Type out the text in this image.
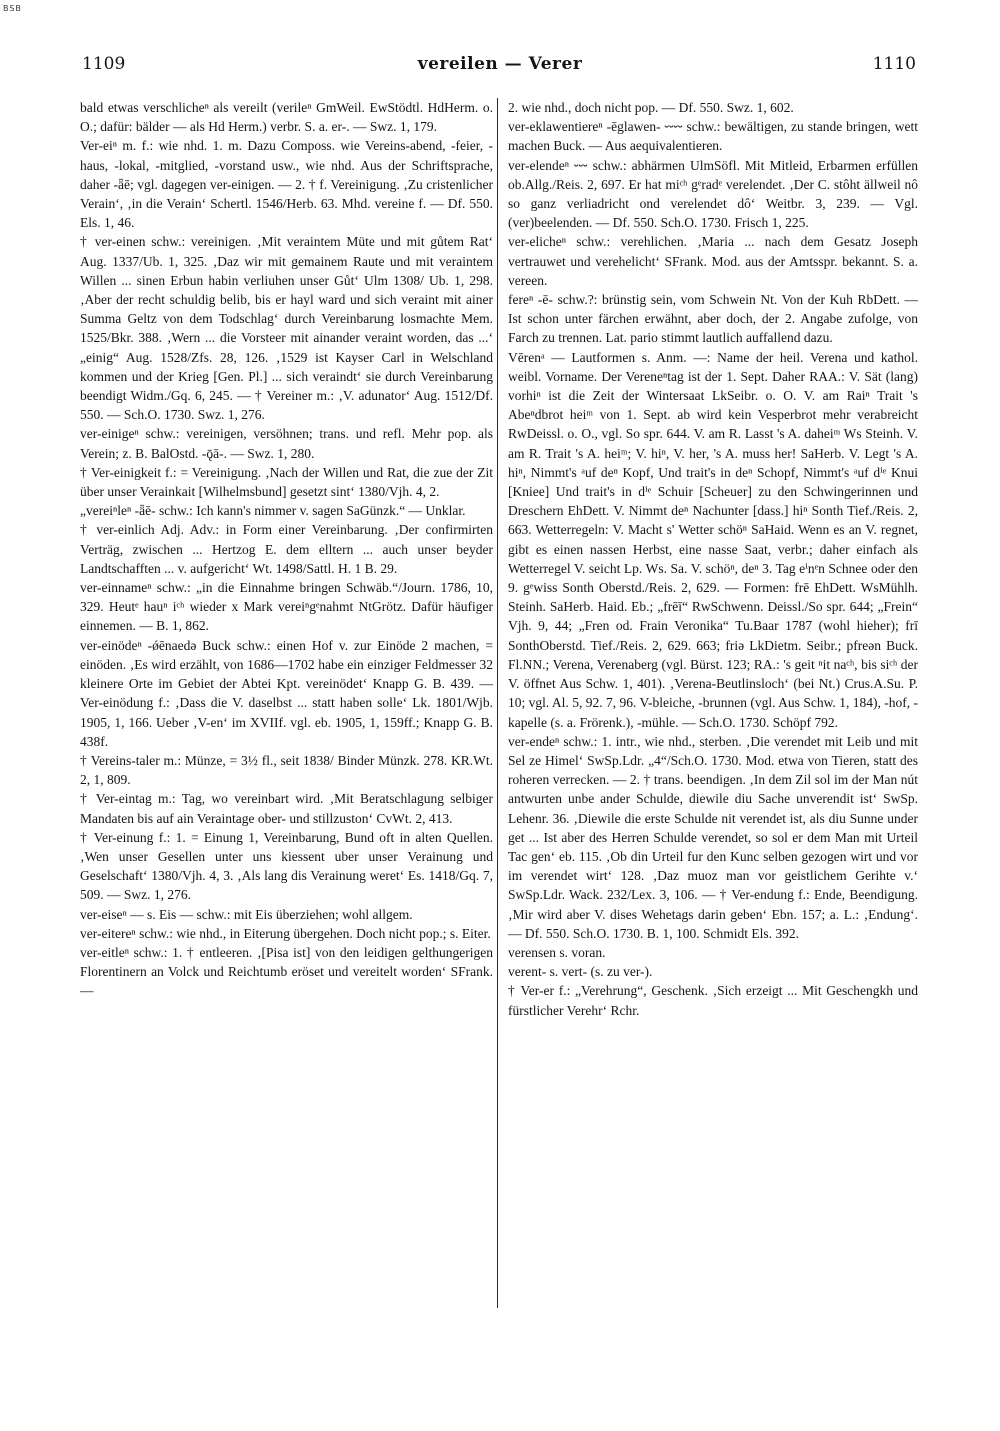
BSB
1109	vereilen — Verer	1110

bald etwas verschlicheⁿ als vereilt (verileⁿ GmWeil. EwStödtl. HdHerm. o. O.; dafür: bälder — als Hd Herm.) verbr. S. a. er-. — Swz. 1, 179.

Ver-eiⁿ m. f.: wie nhd. 1. m. Dazu Composs. wie Vereins-abend, -feier, -haus, -lokal, -mitglied, -vorstand usw., wie nhd. Aus der Schriftsprache, daher -ǟē; vgl. dagegen ver-einigen. — 2. † f. Vereinigung. ‚Zu cristenlicher Verain‘, ‚in die Verain‘ Schertl. 1546/Herb. 63. Mhd. vereine f. — Df. 550. Els. 1, 46.

† ver-einen schw.: vereinigen. ‚Mit veraintem Müte und mit gůtem Rat‘ Aug. 1337/Ub. 1, 325. ‚Daz wir mit gemainem Raute und mit veraintem Willen ... sinen Erbun habin verliuhen unser Gůt‘ Ulm 1308/ Ub. 1, 298. ‚Aber der recht schuldig belib, bis er hayl ward und sich veraint mit ainer Summa Geltz von dem Todschlag‘ durch Vereinbarung losmachte Mem. 1525/Bkr. 388. ‚Wern ... die Vorsteer mit ainander veraint worden, das ...‘ „einig“ Aug. 1528/Zfs. 28, 126. ‚1529 ist Kayser Carl in Welschland kommen und der Krieg [Gen. Pl.] ... sich veraindt‘ sie durch Vereinbarung beendigt Widm./Gq. 6, 245. — † Vereiner m.: ‚V. adunator‘ Aug. 1512/Df. 550. — Sch.O. 1730. Swz. 1, 276.

ver-einigeⁿ schw.: vereinigen, versöhnen; trans. und refl. Mehr pop. als Verein; z. B. BalOstd. -ǭā-. — Swz. 1, 280.

† Ver-einigkeit f.: = Vereinigung. ‚Nach der Willen und Rat, die zue der Zit über unser Verainkait [Wilhelmsbund] gesetzt sint‘ 1380/Vjh. 4, 2.

„vereiⁿleⁿ -ǟē- schw.: Ich kann's nimmer v. sagen SaGünzk.“ — Unklar.

† ver-einlich Adj. Adv.: in Form einer Vereinbarung. ‚Der confirmirten Verträg, zwischen ... Hertzog E. dem elltern ... auch unser beyder Landtschafften ... v. aufgericht‘ Wt. 1498/Sattl. H. 1 B. 29.

ver-einnameⁿ schw.: „in die Einnahme bringen Schwäb.“/Journ. 1786, 10, 329. Heutᵉ hauⁿ iᶜʰ wieder x Mark vereiⁿgᵉnahmt NtGrötz. Dafür häufiger einnemen. — B. 1, 862.

ver-einödeⁿ -ǿēnaedə Buck schw.: einen Hof v. zur Einöde 2 machen, = einöden. ‚Es wird erzählt, von 1686—1702 habe ein einziger Feldmesser 32 kleinere Orte im Gebiet der Abtei Kpt. vereinödet‘ Knapp G. B. 439. — Ver-einödung f.: ‚Dass die V. daselbst ... statt haben solle‘ Lk. 1801/Wjb. 1905, 1, 166. Ueber ‚V-en‘ im XVIIf. vgl. eb. 1905, 1, 159ff.; Knapp G. B. 438f.

† Vereins-taler m.: Münze, = 3½ fl., seit 1838/ Binder Münzk. 278. KR.Wt. 2, 1, 809.

† Ver-eintag m.: Tag, wo vereinbart wird. ‚Mit Beratschlagung selbiger Mandaten bis auf ain Veraintage ober- und stillzuston‘ CvWt. 2, 413.

† Ver-einung f.: 1. = Einung 1, Vereinbarung, Bund oft in alten Quellen. ‚Wen unser Gesellen unter uns kiessent uber unser Verainung und Geselschaft‘ 1380/Vjh. 4, 3. ‚Als lang dis Verainung weret‘ Es. 1418/Gq. 7, 509. — Swz. 1, 276.

ver-eiseⁿ — s. Eis — schw.: mit Eis überziehen; wohl allgem.

ver-eitereⁿ schw.: wie nhd., in Eiterung übergehen. Doch nicht pop.; s. Eiter.

ver-eitleⁿ schw.: 1. † entleeren. ‚[Pisa ist] von den leidigen gelthungerigen Florentinern an Volck und Reichtumb eröset und vereitelt worden‘ SFrank. —

2. wie nhd., doch nicht pop. — Df. 550. Swz. 1, 602.

ver-eklawentiereⁿ -ēglawen- ⏑⏑⏑⏑ schw.: bewältigen, zu stande bringen, wett machen Buck. — Aus aequivalentieren.

ver-elendeⁿ ⏑⏑⏑ schw.: abhärmen UlmSöfl. Mit Mitleid, Erbarmen erfüllen ob.Allg./Reis. 2, 697. Er hat miᶜʰ gᵉradᵉ verelendet. ‚Der C. stôht ällweil nô so ganz verliadricht ond verelendet dô‘ Weitbr. 3, 239. — Vgl. (ver)beelenden. — Df. 550. Sch.O. 1730. Frisch 1, 225.

ver-elicheⁿ schw.: verehlichen. ‚Maria ... nach dem Gesatz Joseph vertrauwet und verehelicht‘ SFrank. Mod. aus der Amtsspr. bekannt. S. a. vereen.

fereⁿ -ē- schw.?: brünstig sein, vom Schwein Nt. Von der Kuh RbDett. — Ist schon unter färchen erwähnt, aber doch, der 2. Angabe zufolge, von Farch zu trennen. Lat. pario stimmt lautlich auffallend dazu.

Vērenᵃ — Lautformen s. Anm. —: Name der heil. Verena und kathol. weibl. Vorname. Der Vereneⁿtag ist der 1. Sept. Daher RAA.: V. Sät (lang) vorhiⁿ ist die Zeit der Wintersaat LkSeibr. o. O. V. am Raiⁿ Trait 's Abeⁿdbrot heiᵐ von 1. Sept. ab wird kein Vesperbrot mehr verabreicht RwDeissl. o. O., vgl. So spr. 644. V. am R. Lasst 's A. daheiᵐ Ws Steinh. V. am R. Trait 's A. heiᵐ; V. hiⁿ, V. her, 's A. muss her! SaHerb. V. Legt 's A. hiⁿ, Nimmt's ᵃuf deⁿ Kopf, Und trait's in deⁿ Schopf, Nimmt's ᵃuf dⁱᵉ Knui [Kniee] Und trait's in dⁱᵉ Schuir [Scheuer] zu den Schwingerinnen und Dreschern EhDett. V. Nimmt deⁿ Nachunter [dass.] hiⁿ Sonth Tief./Reis. 2, 663. Wetterregeln: V. Macht s' Wetter schöⁿ SaHaid. Wenn es an V. regnet, gibt es einen nassen Herbst, eine nasse Saat, verbr.; daher einfach als Wetterregel V. seicht Lp. Ws. Sa. V. schöⁿ, deⁿ 3. Tag eⁱnᵉn Schnee oder den 9. gᵉwiss Sonth Oberstd./Reis. 2, 629. — Formen: frē EhDett. WsMühlh. Steinh. SaHerb. Haid. Eb.; „frēī“ RwSchwenn. Deissl./So spr. 644; „Frein“ Vjh. 9, 44; „Fren od. Frain Veronika“ Tu.Baar 1787 (wohl hieher); frī SonthOberstd. Tief./Reis. 2, 629. 663; friə LkDietm. Seibr.; pfreən Buck. Fl.NN.; Verena, Verenaberg (vgl. Bürst. 123; RA.: 's geit ⁿit naᶜʰ, bis siᶜʰ der V. öffnet Aus Schw. 1, 401). ‚Verena-Beutlinsloch‘ (bei Nt.) Crus.A.Su. P. 10; vgl. Al. 5, 92. 7, 96. V-bleiche, -brunnen (vgl. Aus Schw. 1, 184), -hof, -kapelle (s. a. Frörenk.), -mühle. — Sch.O. 1730. Schöpf 792.

ver-endeⁿ schw.: 1. intr., wie nhd., sterben. ‚Die verendet mit Leib und mit Sel ze Himel‘ SwSp.Ldr. „4“/Sch.O. 1730. Mod. etwa von Tieren, statt des roheren verrecken. — 2. † trans. beendigen. ‚In dem Zil sol im der Man nút antwurten unbe ander Schulde, diewile diu Sache unverendit ist‘ SwSp. Lehenr. 36. ‚Diewile die erste Schulde nit verendet ist, als diu Sunne under get ... Ist aber des Herren Schulde verendet, so sol er dem Man mit Urteil Tac gen‘ eb. 115. ‚Ob din Urteil fur den Kunc selben gezogen wirt und vor im verendet wirt‘ 128. ‚Daz muoz man vor geistlichem Gerihte v.‘ SwSp.Ldr. Wack. 232/Lex. 3, 106. — † Ver-endung f.: Ende, Beendigung. ‚Mir wird aber V. dises Wehetags darin geben‘ Ebn. 157; a. L.: ‚Endung‘. — Df. 550. Sch.O. 1730. B. 1, 100. Schmidt Els. 392.

verensen s. voran.

verent- s. vert- (s. zu ver-).

† Ver-er f.: „Verehrung“, Geschenk. ‚Sich erzeigt ... Mit Geschengkh und fürstlicher Verehr‘ Rchr.
